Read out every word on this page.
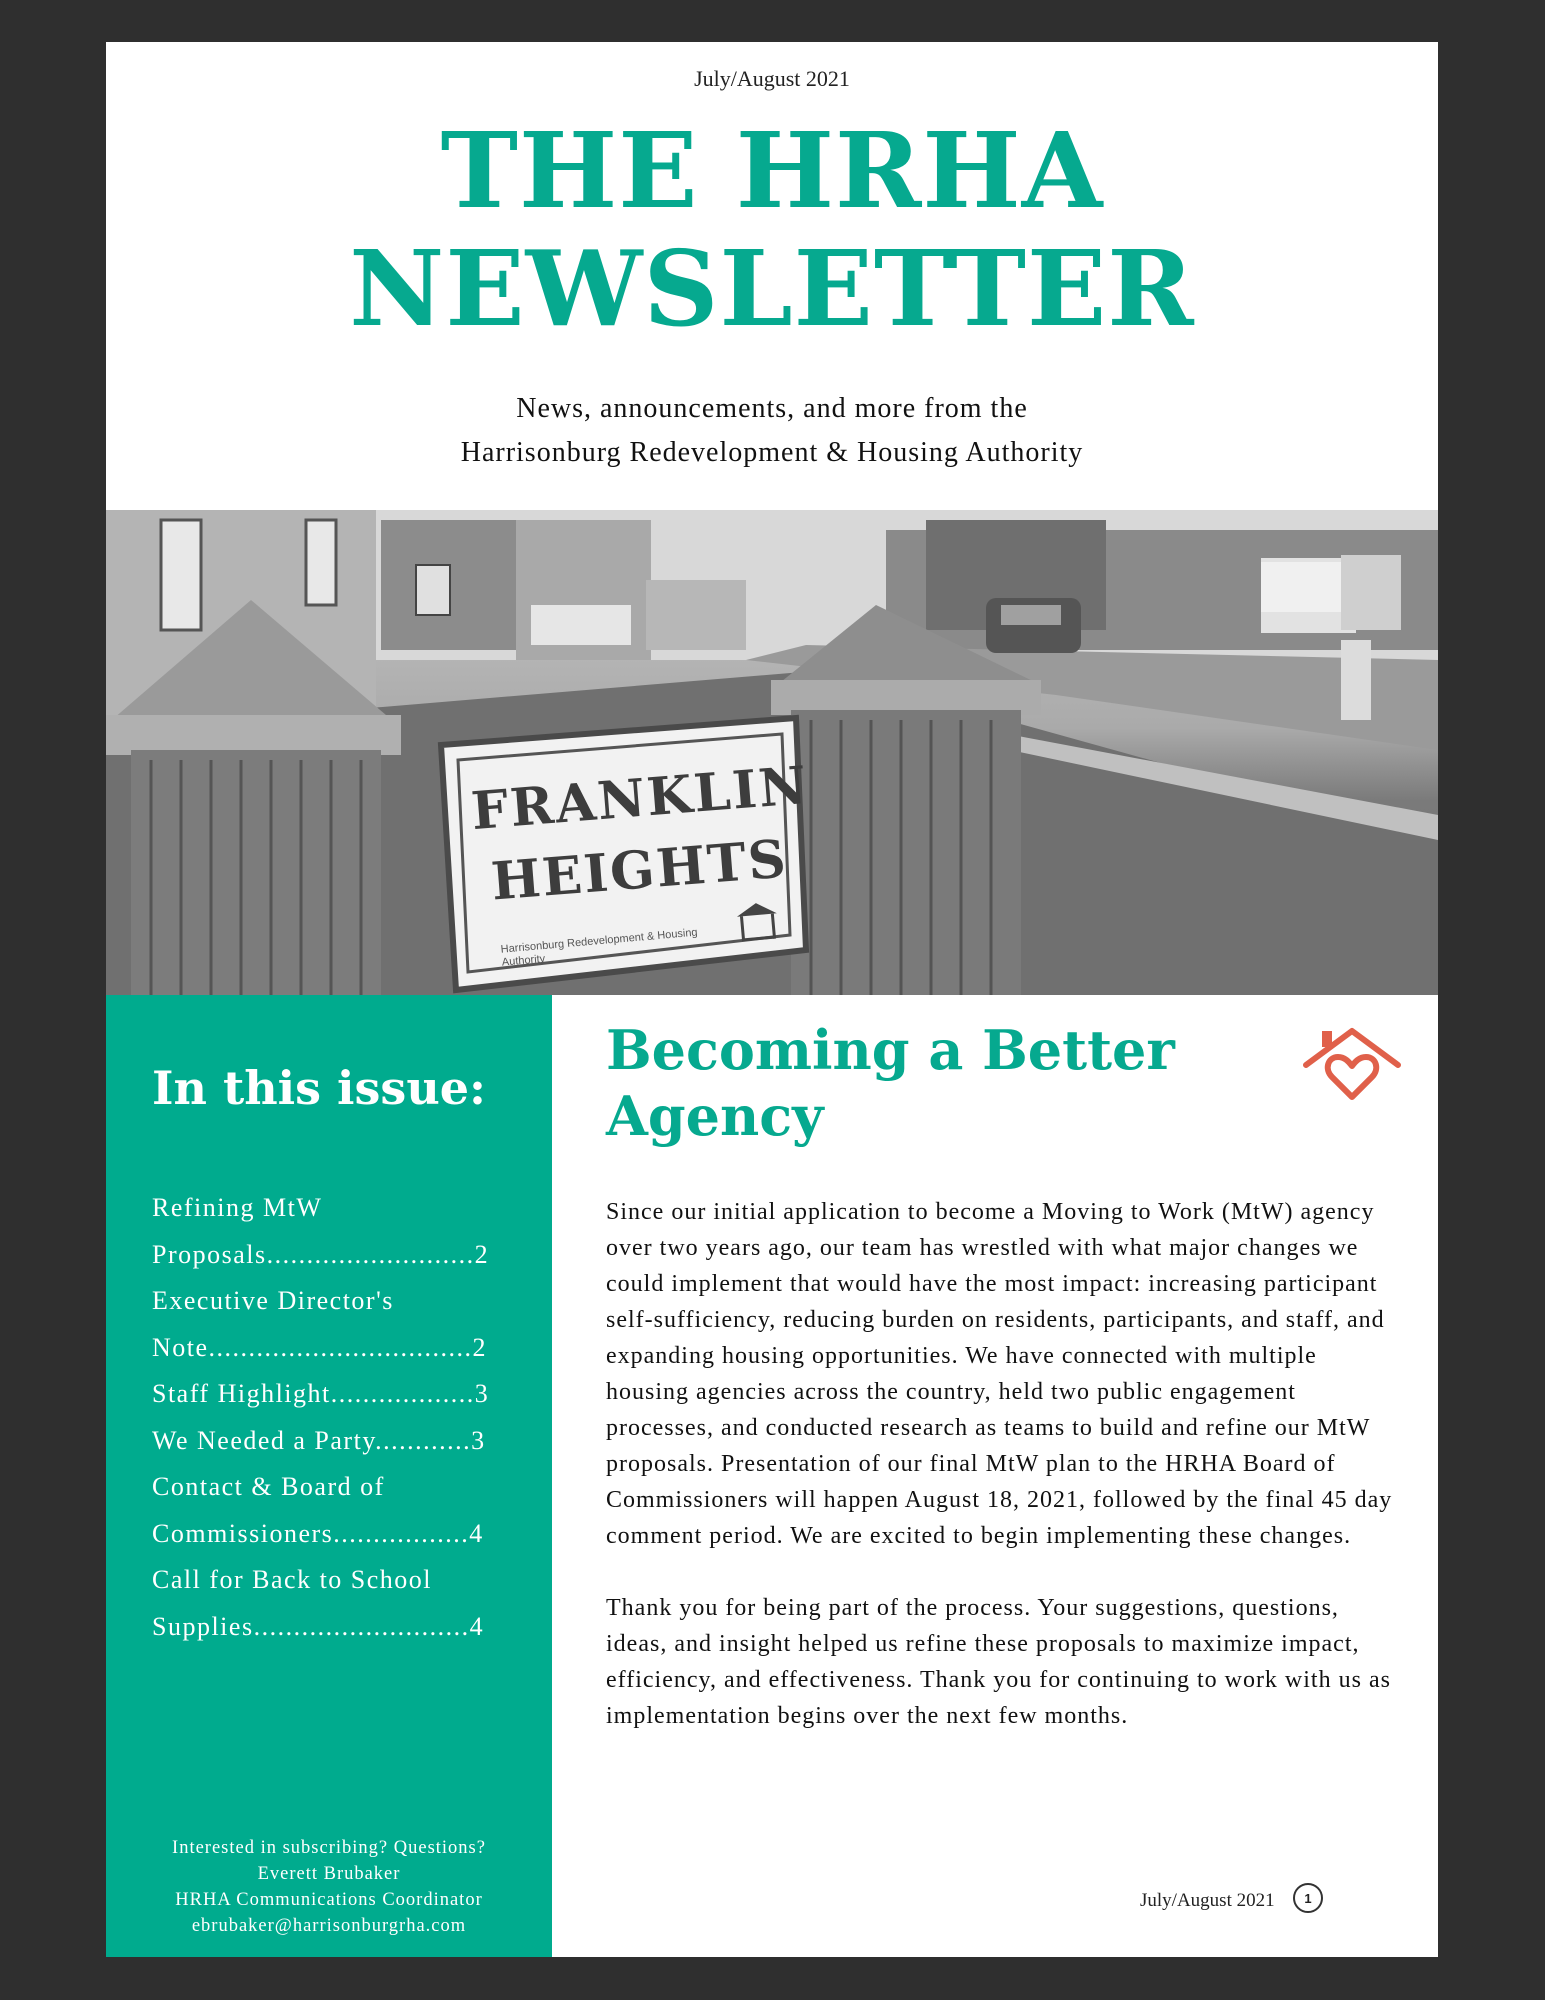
July/August 2021
THE HRHA
NEWSLETTER
News, announcements, and more from the
Harrisonburg Redevelopment & Housing Authority
FRANKLIN
HEIGHTS
Harrisonburg Redevelopment & Housing Authority
In this issue:
Refining MtW Proposals..........................2
Executive Director's Note.................................2
Staff Highlight..................3
We Needed a Party............3
Contact & Board of Commissioners.................4
Call for Back to School Supplies...........................4
Interested in subscribing? Questions?
Everett Brubaker
HRHA Communications Coordinator
ebrubaker@harrisonburgrha.com
Becoming a Better Agency

Since our initial application to become a Moving to Work (MtW) agency over two years ago, our team has wrestled with what major changes we could implement that would have the most impact: increasing participant self-sufficiency, reducing burden on residents, participants, and staff, and expanding housing opportunities. We have connected with multiple housing agencies across the country, held two public engagement processes, and conducted research as teams to build and refine our MtW proposals. Presentation of our final MtW plan to the HRHA Board of Commissioners will happen August 18, 2021, followed by the final 45 day comment period. We are excited to begin implementing these changes.

Thank you for being part of the process. Your suggestions, questions, ideas, and insight helped us refine these proposals to maximize impact, efficiency, and effectiveness. Thank you for continuing to work with us as implementation begins over the next few months.

July/August 2021	1
